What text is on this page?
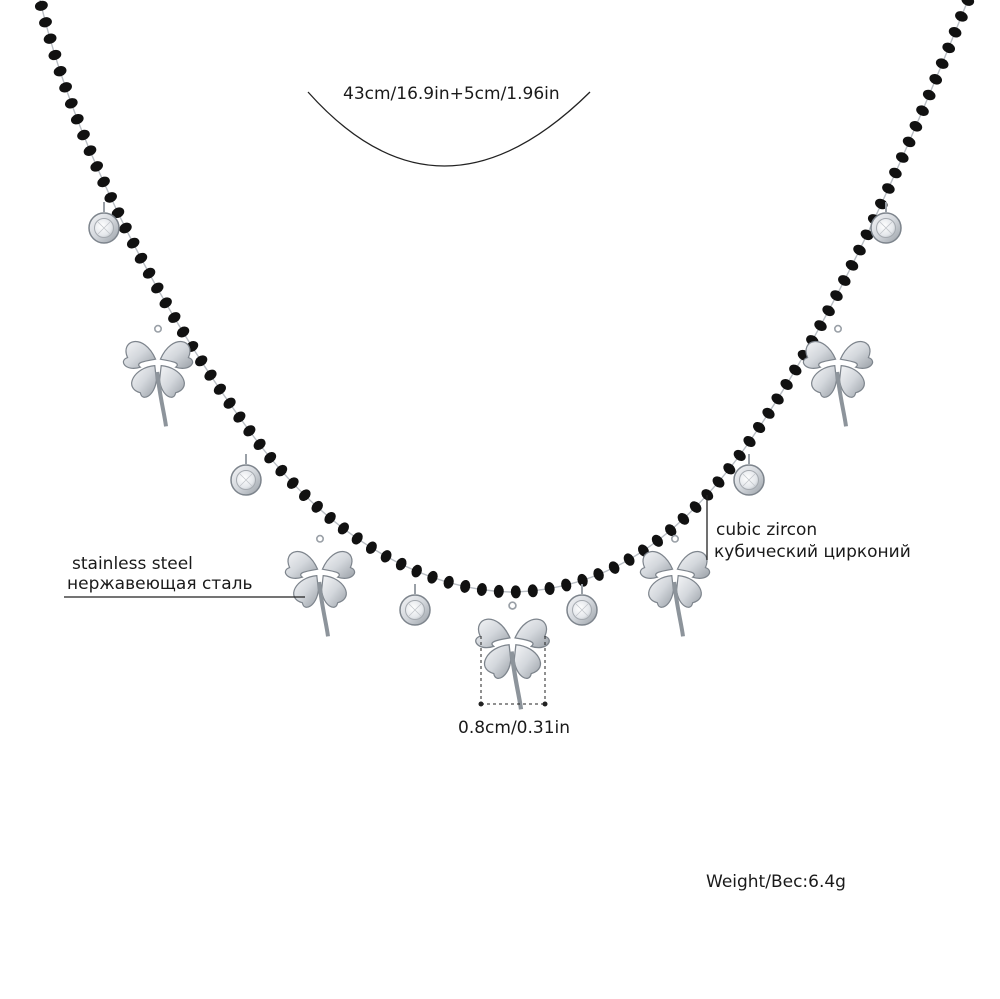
43cm/16.9in+5cm/1.96in
stainless steel
нержавеющая сталь
cubic zircon
кубический цирконий
0.8cm/0.31in
Weight/Вес:6.4g
